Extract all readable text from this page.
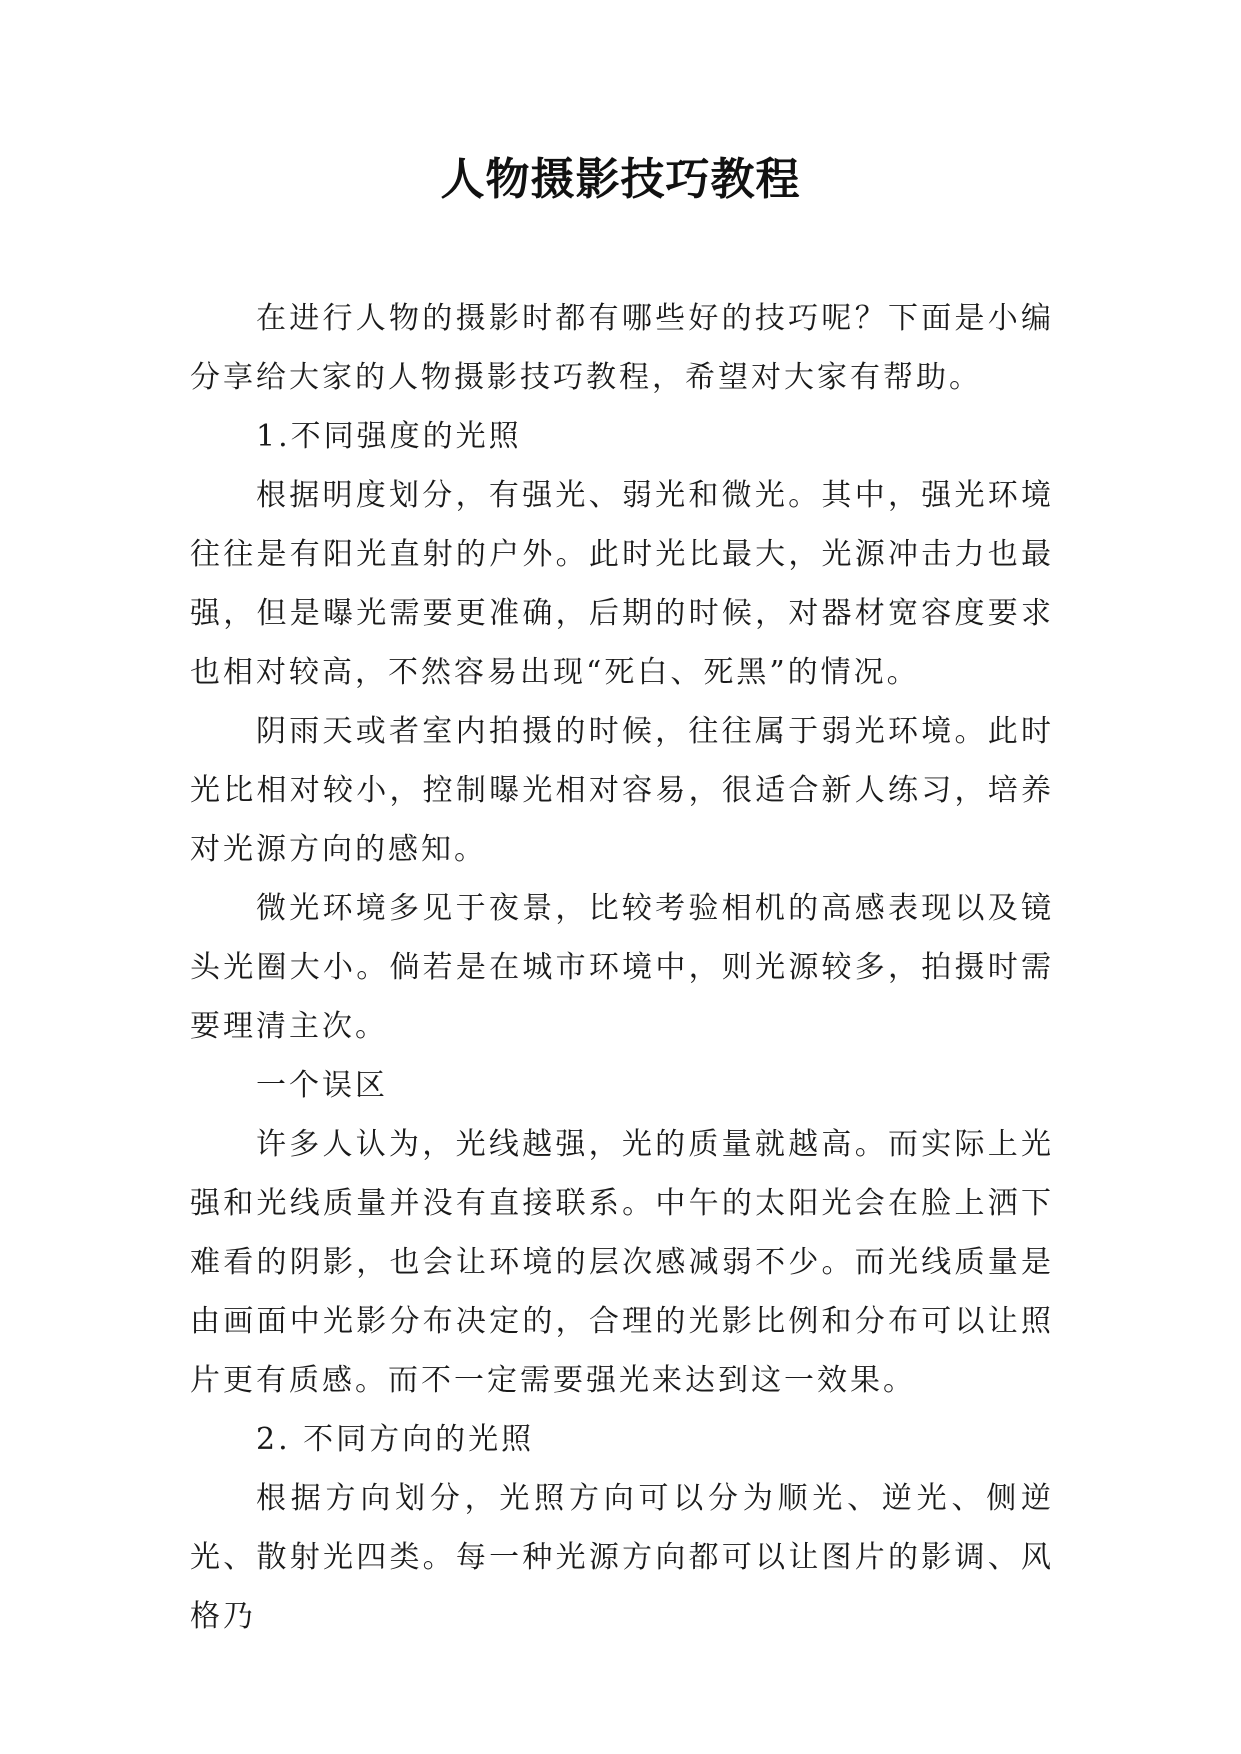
人物摄影技巧教程

在进行人物的摄影时都有哪些好的技巧呢？下面是小编分享给大家的人物摄影技巧教程，希望对大家有帮助。

1.不同强度的光照

根据明度划分，有强光、弱光和微光。其中，强光环境往往是有阳光直射的户外。此时光比最大，光源冲击力也最强，但是曝光需要更准确，后期的时候，对器材宽容度要求也相对较高，不然容易出现“死白、死黑”的情况。

阴雨天或者室内拍摄的时候，往往属于弱光环境。此时光比相对较小，控制曝光相对容易，很适合新人练习，培养对光源方向的感知。

微光环境多见于夜景，比较考验相机的高感表现以及镜头光圈大小。倘若是在城市环境中，则光源较多，拍摄时需要理清主次。

一个误区

许多人认为，光线越强，光的质量就越高。而实际上光强和光线质量并没有直接联系。中午的太阳光会在脸上洒下难看的阴影，也会让环境的层次感减弱不少。而光线质量是由画面中光影分布决定的，合理的光影比例和分布可以让照片更有质感。而不一定需要强光来达到这一效果。

2. 不同方向的光照

根据方向划分，光照方向可以分为顺光、逆光、侧逆光、散射光四类。每一种光源方向都可以让图片的影调、风格乃
